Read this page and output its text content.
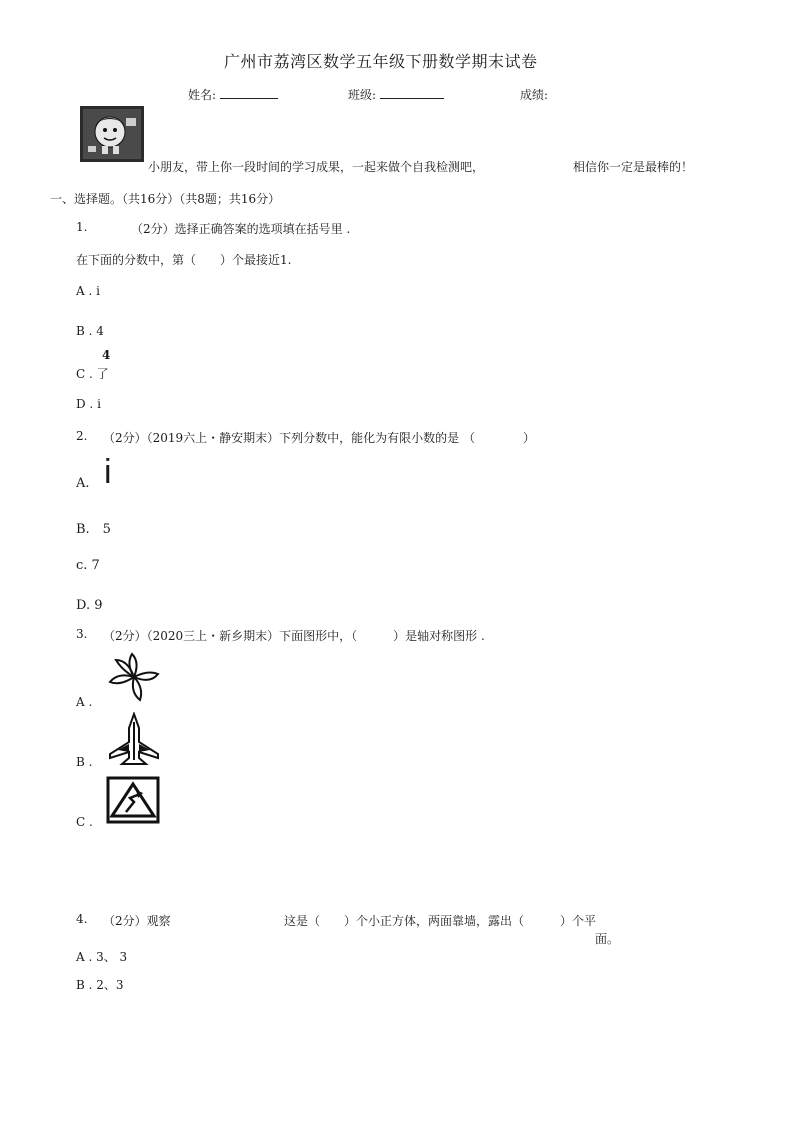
广州市荔湾区数学五年级下册数学期末试卷
姓名:	班级:	成绩:
小朋友，带上你一段时间的学习成果，一起来做个自我检测吧，	相信你一定是最棒的！
一、选择题。（共16分）（共8题；共16分）
1.	（2分）选择正确答案的选项填在括号里 .
在下面的分数中，第（　　）个最接近1.
A . i
B . 4
4
C . 了
D . i
2. （2分）（2019六上・静安期末）下列分数中，能化为有限小数的是 （　　　　）
A. i
B.　5
c. 7
D. 9
3. （2分）（2020三上・新乡期末）下面图形中，（　　　）是轴对称图形 .
A .
B .
C .
4. （2分）观察	这是（　　）个小正方体，两面靠墙，露出（　　　）个平
面。
A . 3、 3
B . 2、3
